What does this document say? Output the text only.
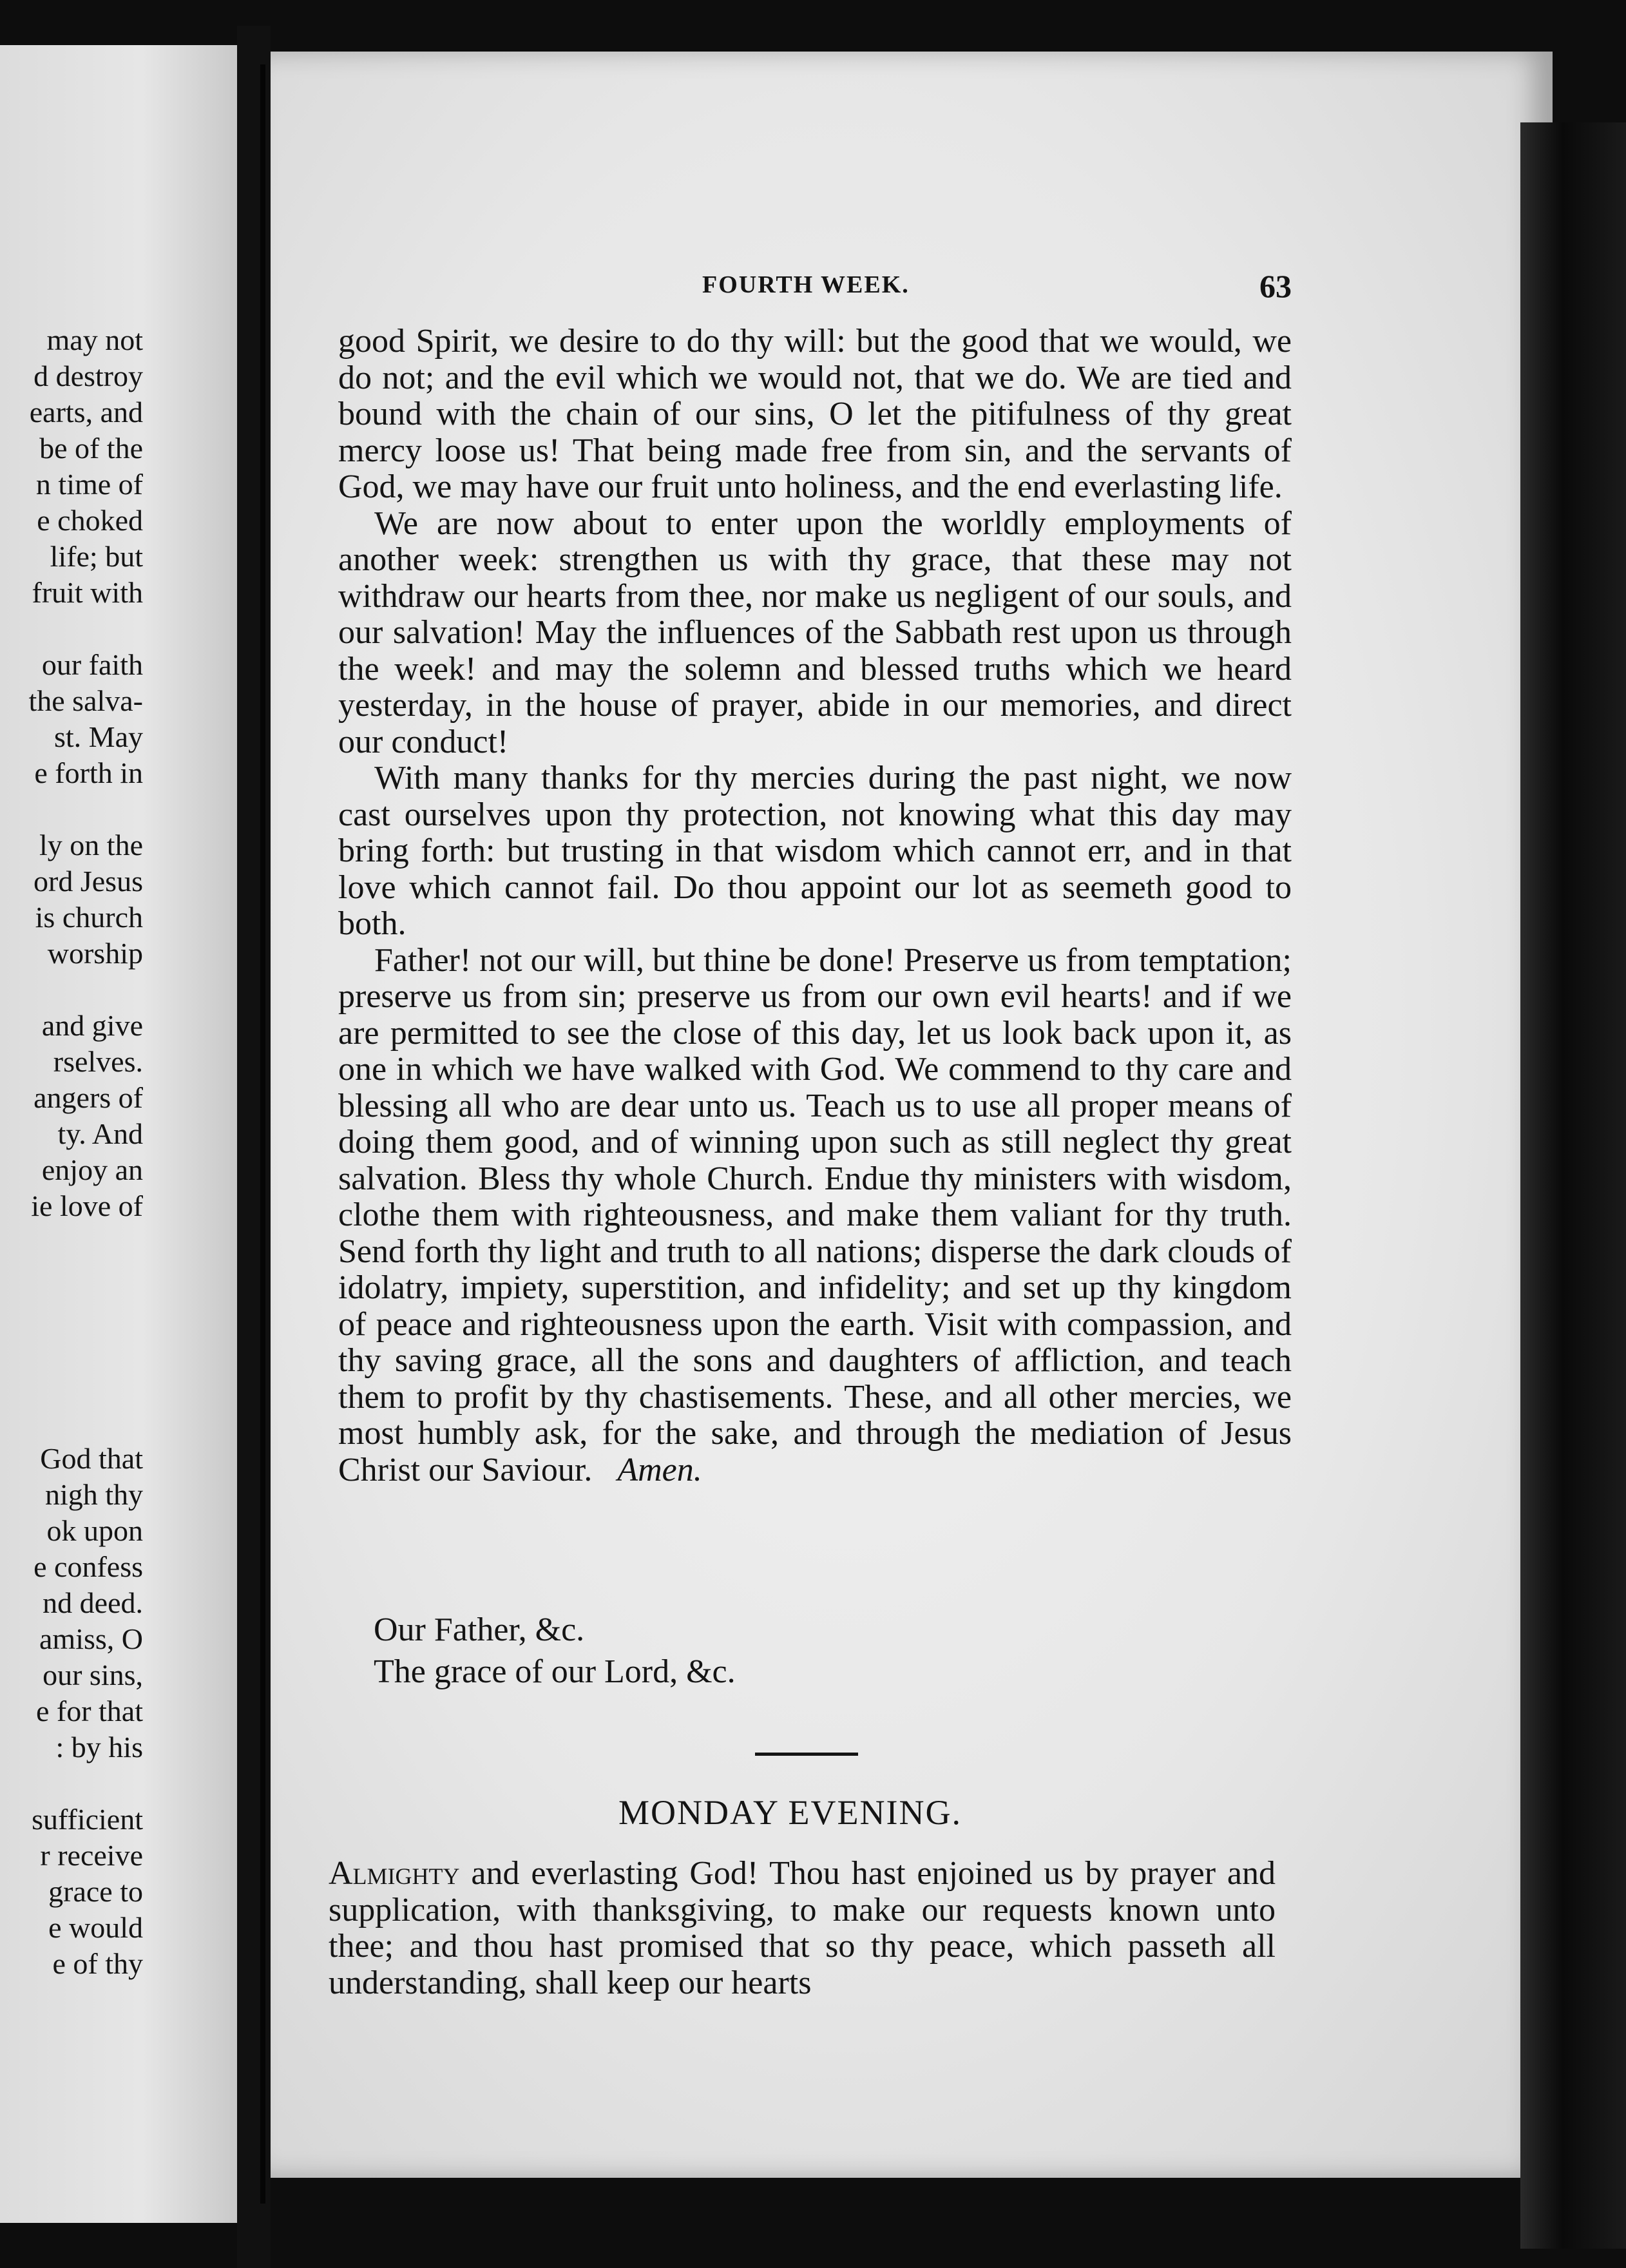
may not
d destroy
earts, and
be of the
n time of
e choked
life; but
fruit with
our faith
the salva-
st. May
e forth in
ly on the
ord Jesus
is church
worship
and give
rselves.
angers of
ty. And
enjoy an
ie love of
God that
nigh thy
ok upon
e confess
nd deed.
amiss, O
our sins,
e for that
: by his
sufficient
r receive
grace to
e would
e of thy
FOURTH WEEK.	63

good Spirit, we desire to do thy will: but the good that we would, we do not; and the evil which we would not, that we do. We are tied and bound with the chain of our sins, O let the pitifulness of thy great mercy loose us! That being made free from sin, and the servants of God, we may have our fruit unto holiness, and the end everlasting life.

We are now about to enter upon the worldly employments of another week: strengthen us with thy grace, that these may not withdraw our hearts from thee, nor make us negligent of our souls, and our salvation! May the influences of the Sabbath rest upon us through the week! and may the solemn and blessed truths which we heard yesterday, in the house of prayer, abide in our memories, and direct our conduct!

With many thanks for thy mercies during the past night, we now cast ourselves upon thy protection, not knowing what this day may bring forth: but trusting in that wisdom which cannot err, and in that love which cannot fail. Do thou appoint our lot as seemeth good to both.

Father! not our will, but thine be done! Preserve us from temptation; preserve us from sin; preserve us from our own evil hearts! and if we are permitted to see the close of this day, let us look back upon it, as one in which we have walked with God. We commend to thy care and blessing all who are dear unto us. Teach us to use all proper means of doing them good, and of winning upon such as still neglect thy great salvation. Bless thy whole Church. Endue thy ministers with wisdom, clothe them with righteousness, and make them valiant for thy truth. Send forth thy light and truth to all nations; disperse the dark clouds of idolatry, impiety, superstition, and infidelity; and set up thy kingdom of peace and righteousness upon the earth. Visit with compassion, and thy saving grace, all the sons and daughters of affliction, and teach them to profit by thy chastisements. These, and all other mercies, we most humbly ask, for the sake, and through the mediation of Jesus Christ our Saviour. Amen.

Our Father, &c.
The grace of our Lord, &c.
MONDAY EVENING.

Almighty and everlasting God! Thou hast enjoined us by prayer and supplication, with thanksgiving, to make our requests known unto thee; and thou hast promised that so thy peace, which passeth all understanding, shall keep our hearts
